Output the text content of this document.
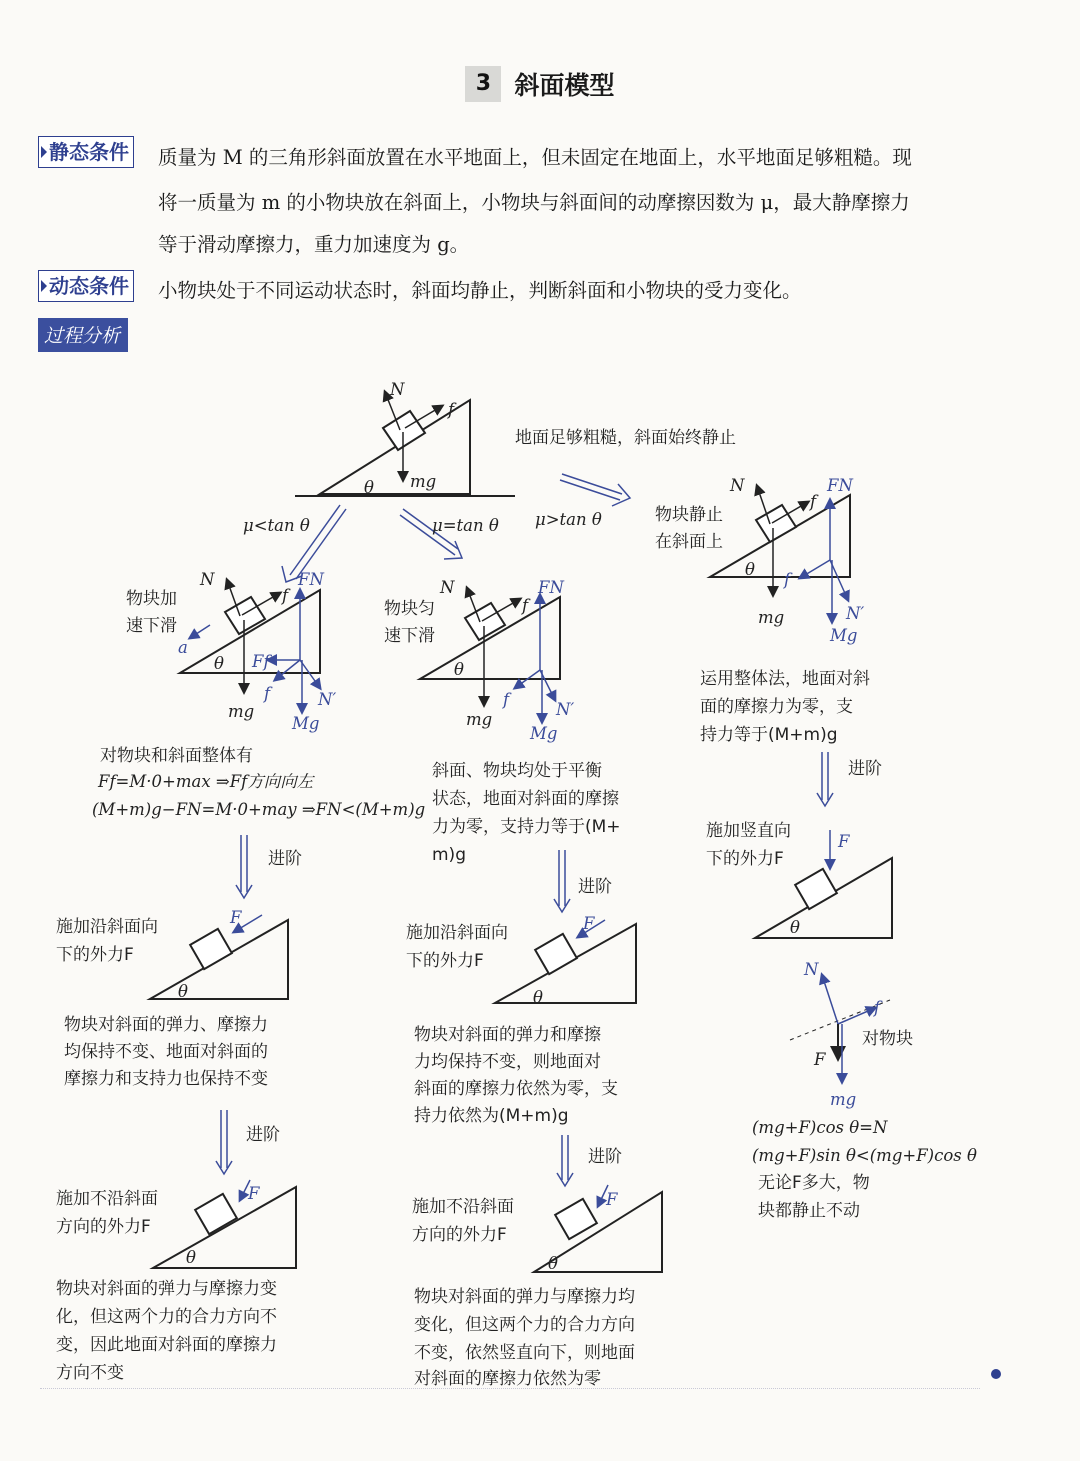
3 斜面模型
静态条件 质量为 M 的三角形斜面放置在水平地面上，但未固定在地面上，水平地面足够粗糙。现
将一质量为 m 的小物块放在斜面上，小物块与斜面间的动摩擦因数为 μ，最大静摩擦力
等于滑动摩擦力，重力加速度为 g。
动态条件 小物块处于不同运动状态时，斜面均静止，判断斜面和小物块的受力变化。
过程分析
N
f
mg
θ
地面足够粗糙，斜面始终静止
μ<tan θ	μ=tan θ μ>tan θ	物块静止
在斜面上
N
f
FN
θ
f
mg	N′
Mg
物块加
速下滑
N
f
FN
a
θ Ff
f	N′
mg
Mg
物块匀
速下滑
N
f
FN
θ
f
mg
N′
Mg
对物块和斜面整体有
Ff=M·0+max ⇒Ff方向向左
(M+m)g−FN=M·0+may ⇒FN<(M+m)g
进阶
斜面、物块均处于平衡
状态，地面对斜面的摩擦
力为零，支持力等于(M+
m)g
进阶
运用整体法，地面对斜
面的摩擦力为零，支
持力等于(M+m)g
进阶
施加沿斜面向
下的外力F
F
θ
物块对斜面的弹力、摩擦力
均保持不变、地面对斜面的
摩擦力和支持力也保持不变
进阶
施加不沿斜面
方向的外力F
F
θ
物块对斜面的弹力与摩擦力变
化，但这两个力的合力方向不
变，因此地面对斜面的摩擦力
方向不变
施加沿斜面向
下的外力F
F
θ
物块对斜面的弹力和摩擦
力均保持不变，则地面对
斜面的摩擦力依然为零，支
持力依然为(M+m)g
进阶
施加不沿斜面
方向的外力F
F
θ
物块对斜面的弹力与摩擦力均
变化，但这两个力的合力方向
不变，依然竖直向下，则地面
对斜面的摩擦力依然为零
施加竖直向
下的外力F
F
θ
N
f
对物块
F
mg
(mg+F)cos θ=N
(mg+F)sin θ<(mg+F)cos θ
无论F多大，物
块都静止不动
